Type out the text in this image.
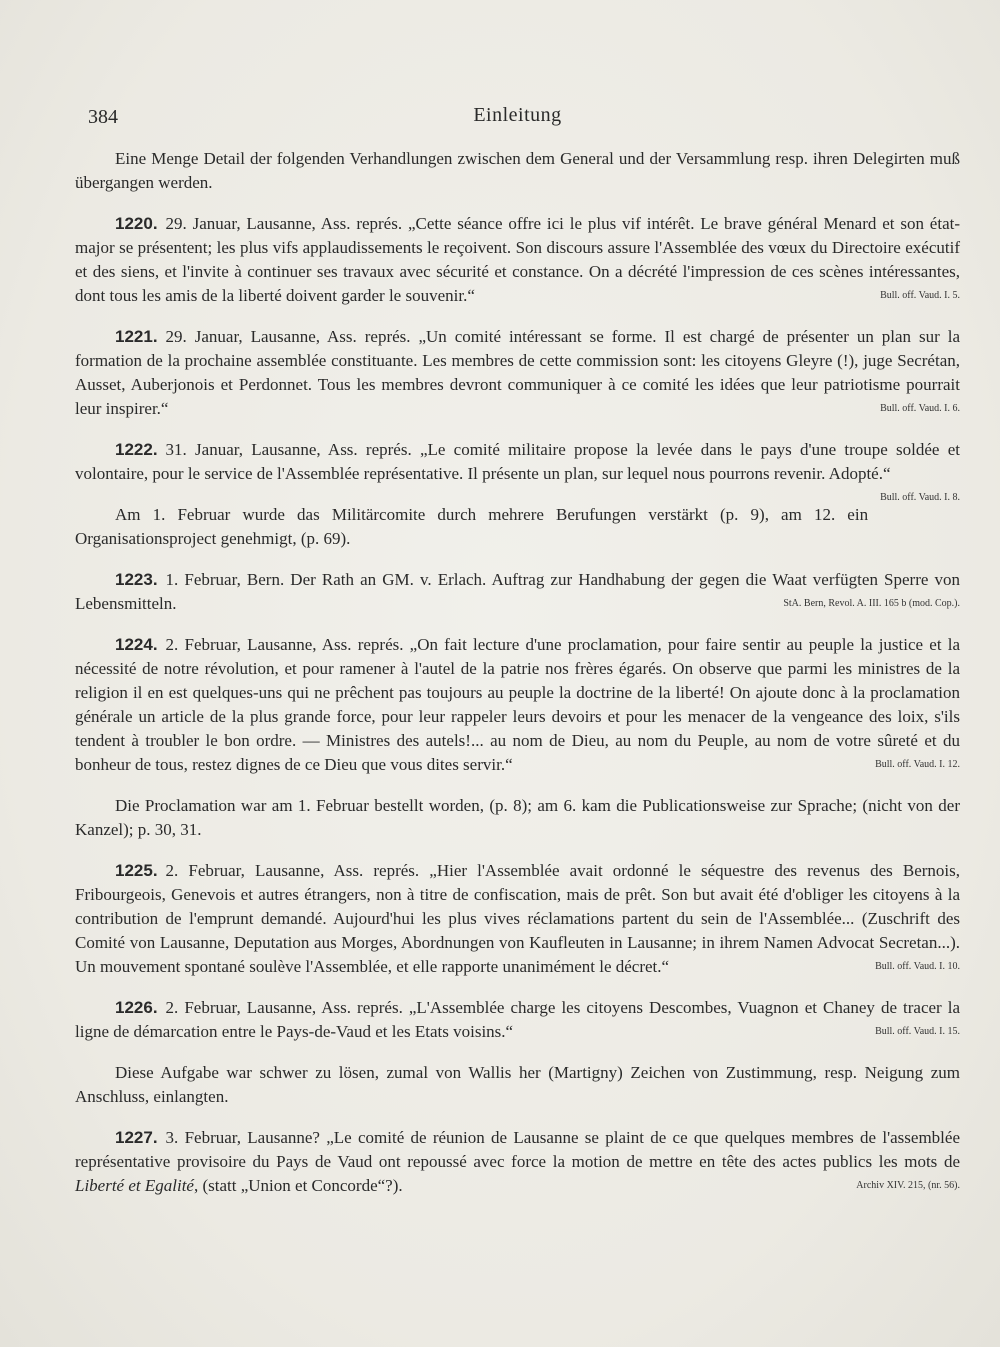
384	Einleitung

Eine Menge Detail der folgenden Verhandlungen zwischen dem General und der Versammlung resp. ihren Delegirten muß übergangen werden.

1220. 29. Januar, Lausanne, Ass. représ. „Cette séance offre ici le plus vif intérêt. Le brave général Menard et son état-major se présentent; les plus vifs applaudissements le reçoivent. Son discours assure l'Assemblée des vœux du Directoire exécutif et des siens, et l'invite à continuer ses travaux avec sécurité et constance. On a décrété l'impression de ces scènes intéressantes, dont tous les amis de la liberté doivent garder le souvenir.“	Bull. off. Vaud. I. 5.

1221. 29. Januar, Lausanne, Ass. représ. „Un comité intéressant se forme. Il est chargé de présenter un plan sur la formation de la prochaine assemblée constituante. Les membres de cette commission sont: les citoyens Gleyre (!), juge Secrétan, Ausset, Auberjonois et Perdonnet. Tous les membres devront communiquer à ce comité les idées que leur patriotisme pourrait leur inspirer.“	Bull. off. Vaud. I. 6.

1222. 31. Januar, Lausanne, Ass. représ. „Le comité militaire propose la levée dans le pays d'une troupe soldée et volontaire, pour le service de l'Assemblée représentative. Il présente un plan, sur lequel nous pourrons revenir. Adopté.“
Bull. off. Vaud. I. 8.

Am 1. Februar wurde das Militärcomite durch mehrere Berufungen verstärkt (p. 9), am 12. ein Organisationsproject genehmigt, (p. 69).

1223. 1. Februar, Bern. Der Rath an GM. v. Erlach. Auftrag zur Handhabung der gegen die Waat verfügten Sperre von Lebensmitteln.	StA. Bern, Revol. A. III. 165 b (mod. Cop.).

1224. 2. Februar, Lausanne, Ass. représ. „On fait lecture d'une proclamation, pour faire sentir au peuple la justice et la nécessité de notre révolution, et pour ramener à l'autel de la patrie nos frères égarés. On observe que parmi les ministres de la religion il en est quelques-uns qui ne prêchent pas toujours au peuple la doctrine de la liberté! On ajoute donc à la proclamation générale un article de la plus grande force, pour leur rappeler leurs devoirs et pour les menacer de la vengeance des loix, s'ils tendent à troubler le bon ordre. — Ministres des autels!... au nom de Dieu, au nom du Peuple, au nom de votre sûreté et du bonheur de tous, restez dignes de ce Dieu que vous dites servir.“	Bull. off. Vaud. I. 12.

Die Proclamation war am 1. Februar bestellt worden, (p. 8); am 6. kam die Publicationsweise zur Sprache; (nicht von der Kanzel); p. 30, 31.

1225. 2. Februar, Lausanne, Ass. représ. „Hier l'Assemblée avait ordonné le séquestre des revenus des Bernois, Fribourgeois, Genevois et autres étrangers, non à titre de confiscation, mais de prêt. Son but avait été d'obliger les citoyens à la contribution de l'emprunt demandé. Aujourd'hui les plus vives réclamations partent du sein de l'Assemblée... (Zuschrift des Comité von Lausanne, Deputation aus Morges, Abordnungen von Kaufleuten in Lausanne; in ihrem Namen Advocat Secretan...). Un mouvement spontané soulève l'Assemblée, et elle rapporte unanimément le décret.“	Bull. off. Vaud. I. 10.

1226. 2. Februar, Lausanne, Ass. représ. „L'Assemblée charge les citoyens Descombes, Vuagnon et Chaney de tracer la ligne de démarcation entre le Pays-de-Vaud et les Etats voisins.“	Bull. off. Vaud. I. 15.

Diese Aufgabe war schwer zu lösen, zumal von Wallis her (Martigny) Zeichen von Zustimmung, resp. Neigung zum Anschluss, einlangten.

1227. 3. Februar, Lausanne? „Le comité de réunion de Lausanne se plaint de ce que quelques membres de l'assemblée représentative provisoire du Pays de Vaud ont repoussé avec force la motion de mettre en tête des actes publics les mots de Liberté et Egalité, (statt „Union et Concorde“?).	Archiv XIV. 215, (nr. 56).
